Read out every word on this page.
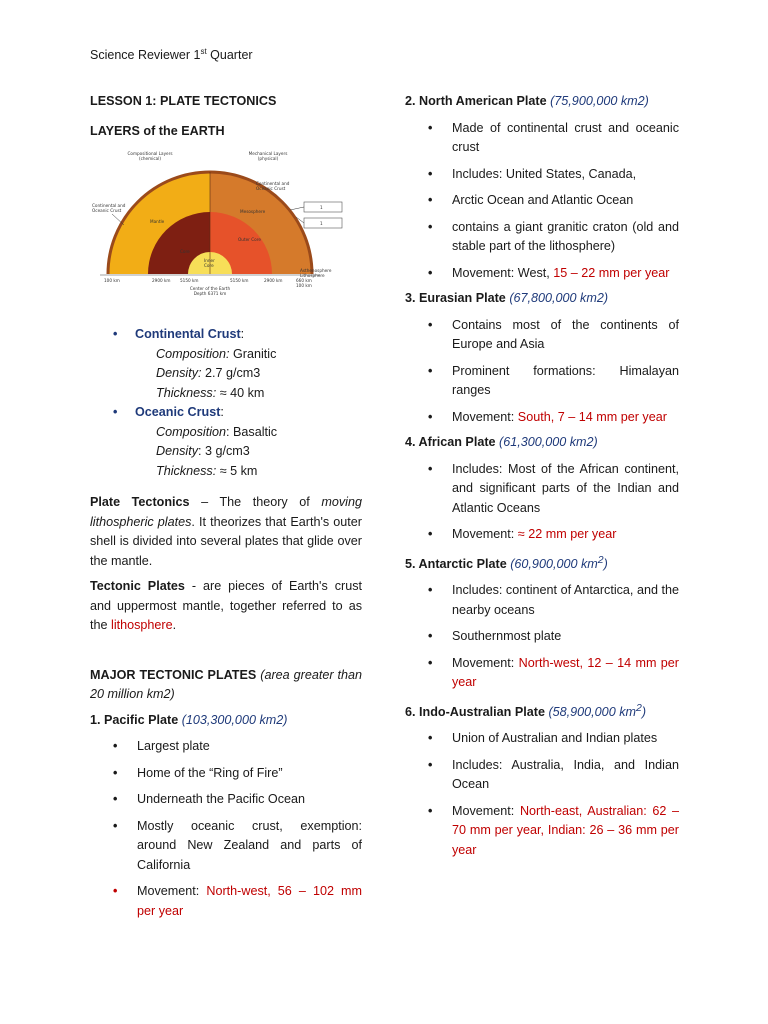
Science Reviewer 1st Quarter

LESSON 1: PLATE TECTONICS

LAYERS of the EARTH

Compositional Layers
(chemical)
Mechanical Layers
(physical)
Continental and
Oceanic Crust
Continental and
Oceanic Crust
Mantle
Mesosphere
Core
Outer Core
Inner
Core
1
1
100 km	2900 km 5150 km	5150 km	2900 km	660 km
100 km
Lithosphere
Asthenosphere
Center of the Earth
Depth 6371 km
• Continental Crust:
Composition: Granitic
Density: 2.7 g/cm3
Thickness: ≈ 40 km
• Oceanic Crust:
Composition: Basaltic
Density: 3 g/cm3
Thickness: ≈ 5 km

Plate Tectonics – The theory of moving lithospheric plates. It theorizes that Earth's outer shell is divided into several plates that glide over the mantle.

Tectonic Plates - are pieces of Earth's crust and uppermost mantle, together referred to as the lithosphere.

MAJOR TECTONIC PLATES (area greater than 20 million km2)

1. Pacific Plate (103,300,000 km2)

• Largest plate
• Home of the “Ring of Fire”
• Underneath the Pacific Ocean
• Mostly oceanic crust, exemption: around New Zealand and parts of California
• Movement: North-west, 56 – 102 mm per year

2. North American Plate (75,900,000 km2)

• Made of continental crust and oceanic crust
• Includes: United States, Canada,
• Arctic Ocean and Atlantic Ocean
• contains a giant granitic craton (old and stable part of the lithosphere)
• Movement: West, 15 – 22 mm per year

3. Eurasian Plate (67,800,000 km2)

• Contains most of the continents of Europe and Asia
• Prominent formations: Himalayan ranges
• Movement: South, 7 – 14 mm per year

4. African Plate (61,300,000 km2)

• Includes: Most of the African continent, and significant parts of the Indian and Atlantic Oceans
• Movement: ≈ 22 mm per year

5. Antarctic Plate (60,900,000 $km^2$)

• Includes: continent of Antarctica, and the nearby oceans
• Southernmost plate
• Movement: North-west, 12 – 14 mm per year

6. Indo-Australian Plate (58,900,000 $km^2$)

• Union of Australian and Indian plates
• Includes: Australia, India, and Indian Ocean
• Movement: North-east, Australian: 62 – 70 mm per year, Indian: 26 – 36 mm per year
